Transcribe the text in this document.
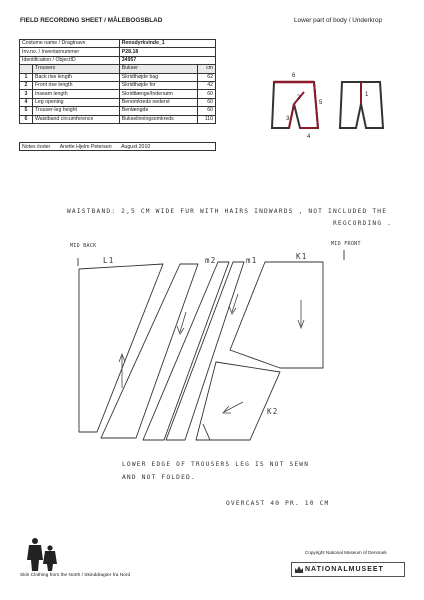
FIELD RECORDING SHEET / MÅLEBOGSBLAD	Lower part of body / Underkrop
Costume name / Dragtnavn		Rensdyrkvinde_1	
Inv.no. / Inventarnummer		P28.18	
Identification / ObjectID		34957	
	Trousers	Bukser	cm
1	Back rise length	Skridthøjde bag	62
2	Front rise length	Skridthøjde for	42
3	Inseam length	Skridtlænge/Indersøm	60
4	Leg opening	Benomkreds nederst	60
5	Trouser-leg height	Benlængde	60
6	Waistband circumference	Bukselinningsomkreds	110
Notes /noter Anette Hjelm Petersen August 2010
6
2
5
3
4
1
WAISTBAND: 2,5 CM WIDE FUR WITH HAIRS INDWARDS , NOT INCLUDED THE
REGCORDING .
MID BACK
L1	m2	m1	K1
MID FRONT
K2
LOWER EDGE OF TROUSERS LEG IS NOT SEWN
AND NOT FOLDED.
OVERCAST 40 PR. 10 CM
Skin Clothing from the North / Skinddragter fra Nord
Copyright National Museum of Denmark
NATIONALMUSEET
